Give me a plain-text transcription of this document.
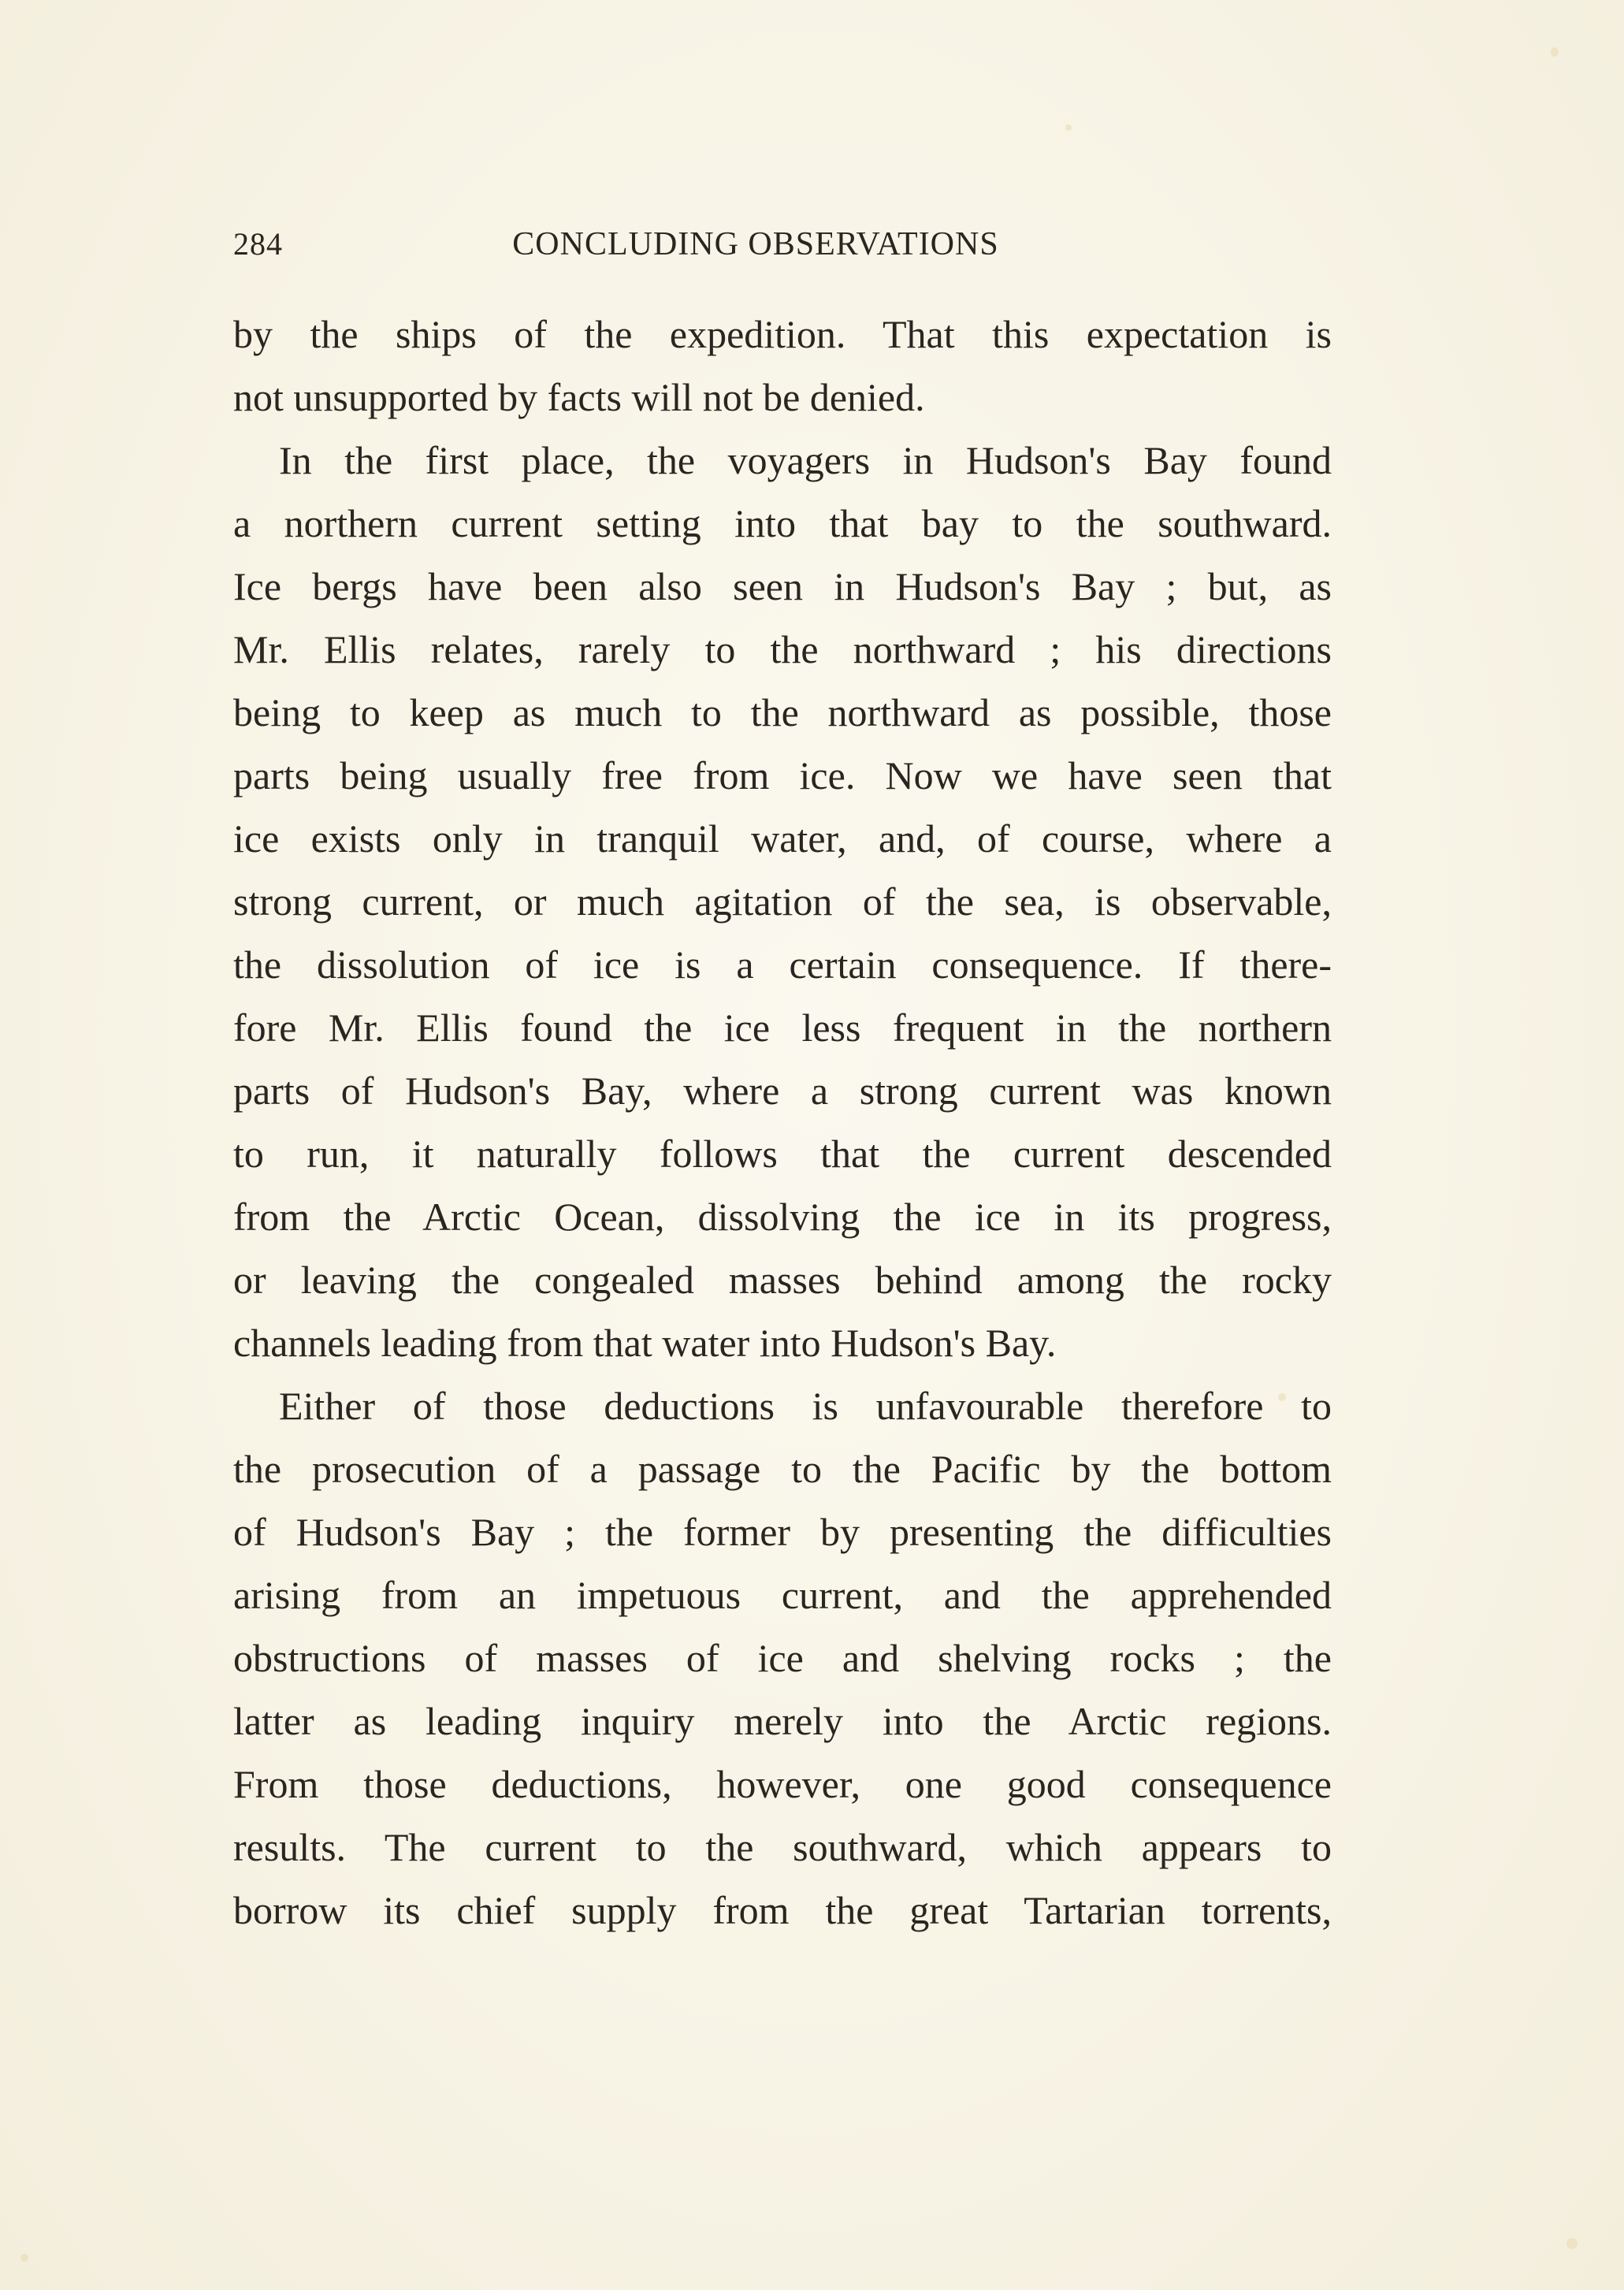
284	CONCLUDING OBSERVATIONS
by the ships of the expedition. That this expectation is
not unsupported by facts will not be denied.
In the first place, the voyagers in Hudson's Bay found
a northern current setting into that bay to the southward.
Ice bergs have been also seen in Hudson's Bay ; but, as
Mr. Ellis relates, rarely to the northward ; his directions
being to keep as much to the northward as possible, those
parts being usually free from ice. Now we have seen that
ice exists only in tranquil water, and, of course, where a
strong current, or much agitation of the sea, is observable,
the dissolution of ice is a certain consequence. If there-
fore Mr. Ellis found the ice less frequent in the northern
parts of Hudson's Bay, where a strong current was known
to run, it naturally follows that the current descended
from the Arctic Ocean, dissolving the ice in its progress,
or leaving the congealed masses behind among the rocky
channels leading from that water into Hudson's Bay.
Either of those deductions is unfavourable therefore to
the prosecution of a passage to the Pacific by the bottom
of Hudson's Bay ; the former by presenting the difficulties
arising from an impetuous current, and the apprehended
obstructions of masses of ice and shelving rocks ; the
latter as leading inquiry merely into the Arctic regions.
From those deductions, however, one good consequence
results. The current to the southward, which appears to
borrow its chief supply from the great Tartarian torrents,
